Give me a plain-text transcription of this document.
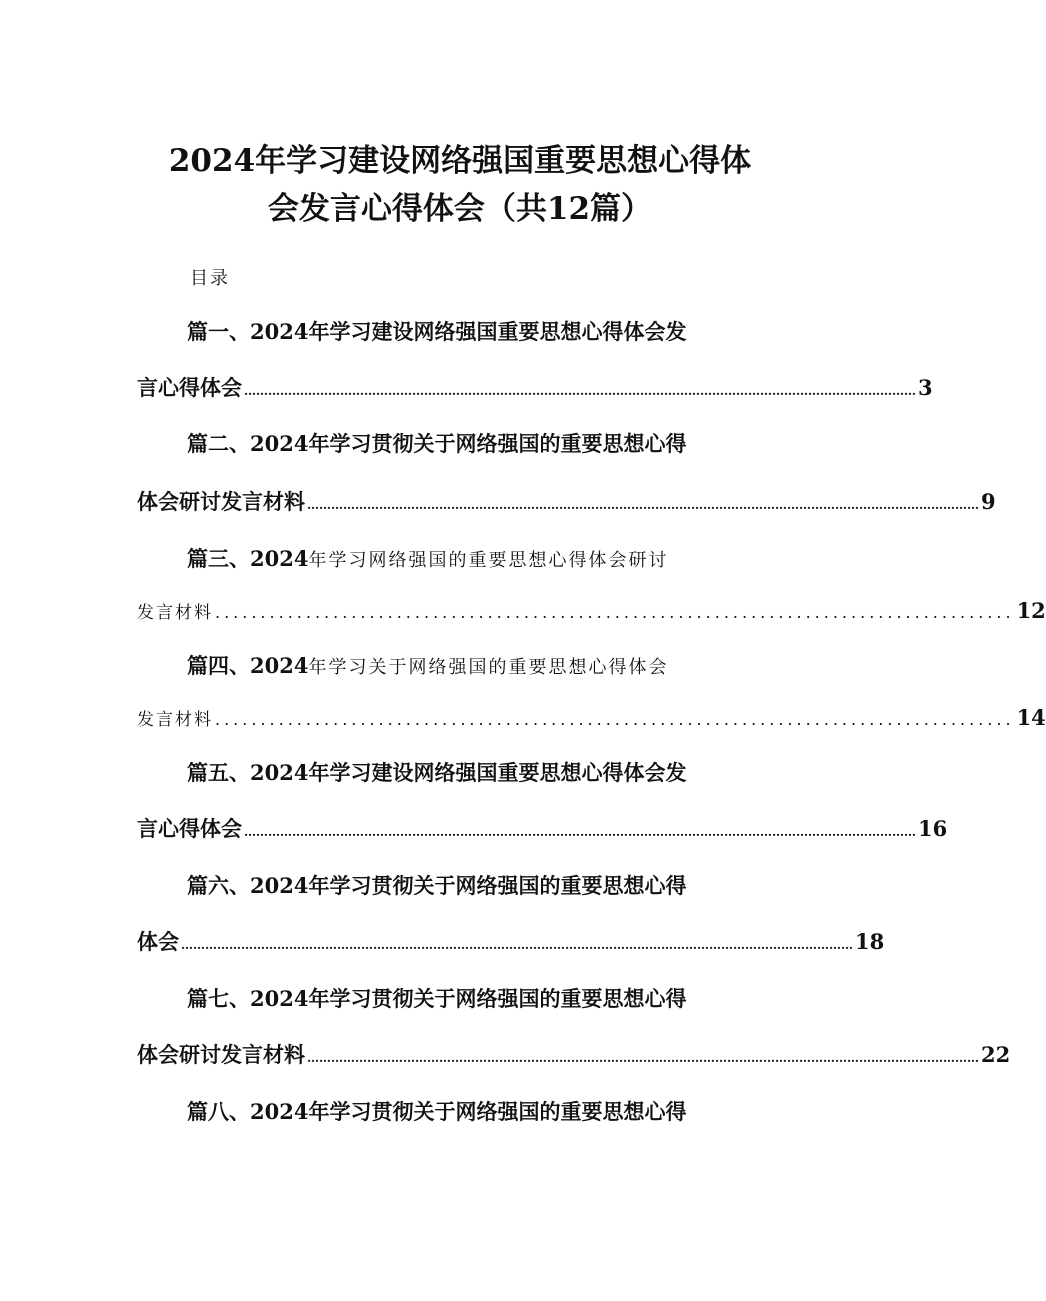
2024年学习建设网络强国重要思想心得体
会发言心得体会（共12篇）
目录
篇一、2024年学习建设网络强国重要思想心得体会发
言心得体会 …………………………………………………………………………………………………………………………………………………… 3
篇二、2024年学习贯彻关于网络强国的重要思想心得
体会研讨发言材料 …………………………………………………………………………………………………………………………………………………… 9
篇三、2024年学习网络强国的重要思想心得体会研讨
发言材料 ........................................................................................ 12
篇四、2024年学习关于网络强国的重要思想心得体会
发言材料 ........................................................................................ 14
篇五、2024年学习建设网络强国重要思想心得体会发
言心得体会 …………………………………………………………………………………………………………………………………………………… 16
篇六、2024年学习贯彻关于网络强国的重要思想心得
体会 …………………………………………………………………………………………………………………………………………………… 18
篇七、2024年学习贯彻关于网络强国的重要思想心得
体会研讨发言材料 …………………………………………………………………………………………………………………………………………………… 22
篇八、2024年学习贯彻关于网络强国的重要思想心得
